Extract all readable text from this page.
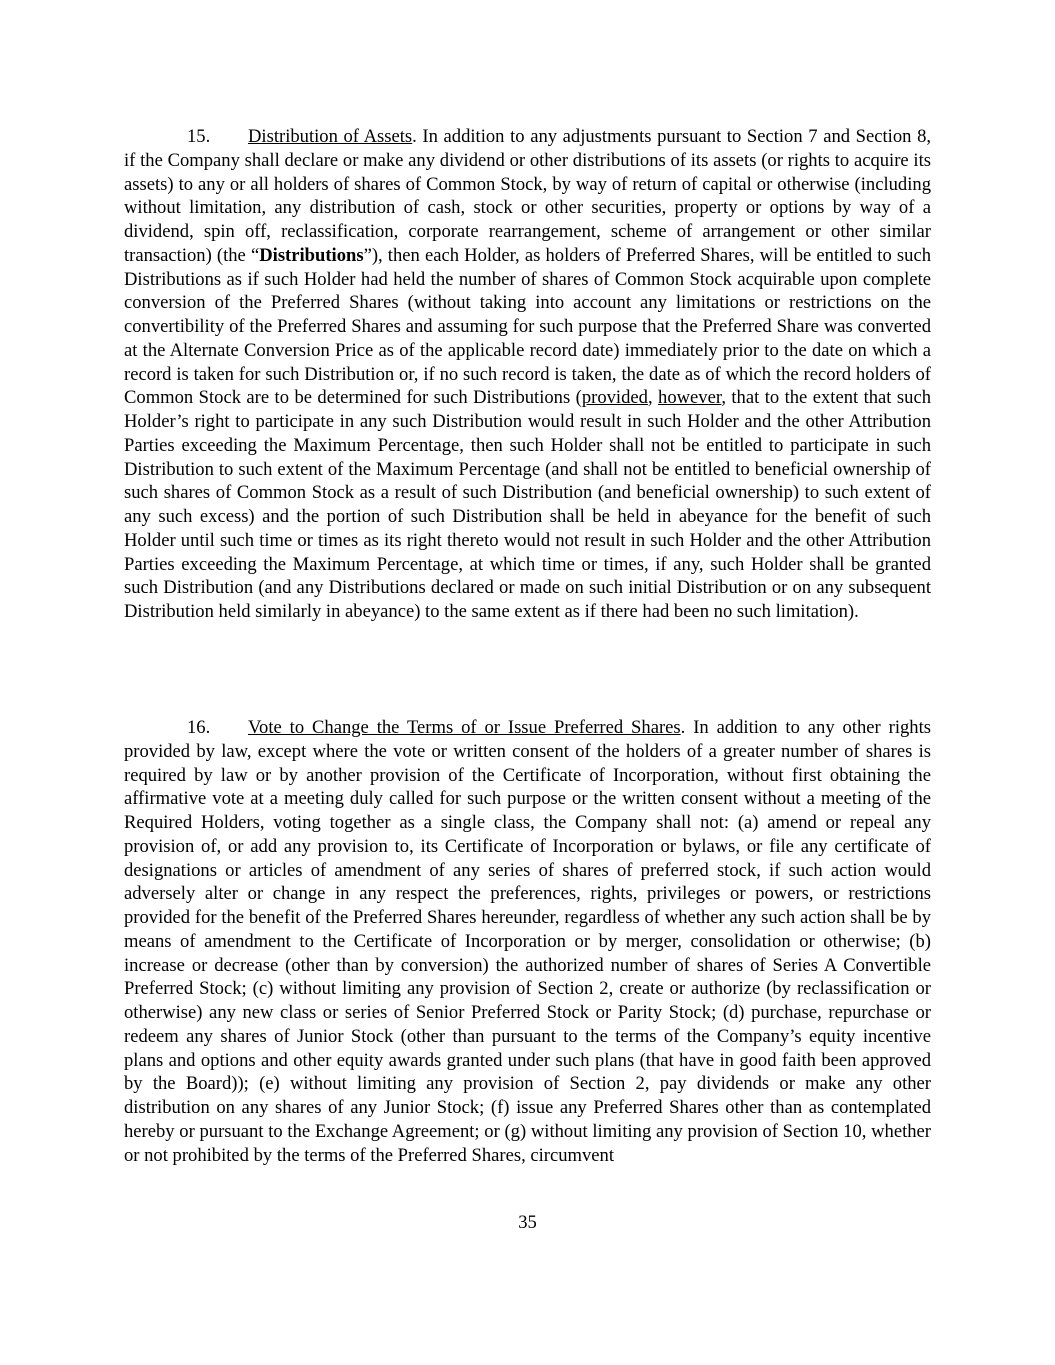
15. Distribution of Assets. In addition to any adjustments pursuant to Section 7 and Section 8, if the Company shall declare or make any dividend or other distributions of its assets (or rights to acquire its assets) to any or all holders of shares of Common Stock, by way of return of capital or otherwise (including without limitation, any distribution of cash, stock or other securities, property or options by way of a dividend, spin off, reclassification, corporate rearrangement, scheme of arrangement or other similar transaction) (the “Distributions”), then each Holder, as holders of Preferred Shares, will be entitled to such Distributions as if such Holder had held the number of shares of Common Stock acquirable upon complete conversion of the Preferred Shares (without taking into account any limitations or restrictions on the convertibility of the Preferred Shares and assuming for such purpose that the Preferred Share was converted at the Alternate Conversion Price as of the applicable record date) immediately prior to the date on which a record is taken for such Distribution or, if no such record is taken, the date as of which the record holders of Common Stock are to be determined for such Distributions (provided, however, that to the extent that such Holder’s right to participate in any such Distribution would result in such Holder and the other Attribution Parties exceeding the Maximum Percentage, then such Holder shall not be entitled to participate in such Distribution to such extent of the Maximum Percentage (and shall not be entitled to beneficial ownership of such shares of Common Stock as a result of such Distribution (and beneficial ownership) to such extent of any such excess) and the portion of such Distribution shall be held in abeyance for the benefit of such Holder until such time or times as its right thereto would not result in such Holder and the other Attribution Parties exceeding the Maximum Percentage, at which time or times, if any, such Holder shall be granted such Distribution (and any Distributions declared or made on such initial Distribution or on any subsequent Distribution held similarly in abeyance) to the same extent as if there had been no such limitation).

16. Vote to Change the Terms of or Issue Preferred Shares. In addition to any other rights provided by law, except where the vote or written consent of the holders of a greater number of shares is required by law or by another provision of the Certificate of Incorporation, without first obtaining the affirmative vote at a meeting duly called for such purpose or the written consent without a meeting of the Required Holders, voting together as a single class, the Company shall not: (a) amend or repeal any provision of, or add any provision to, its Certificate of Incorporation or bylaws, or file any certificate of designations or articles of amendment of any series of shares of preferred stock, if such action would adversely alter or change in any respect the preferences, rights, privileges or powers, or restrictions provided for the benefit of the Preferred Shares hereunder, regardless of whether any such action shall be by means of amendment to the Certificate of Incorporation or by merger, consolidation or otherwise; (b) increase or decrease (other than by conversion) the authorized number of shares of Series A Convertible Preferred Stock; (c) without limiting any provision of Section 2, create or authorize (by reclassification or otherwise) any new class or series of Senior Preferred Stock or Parity Stock; (d) purchase, repurchase or redeem any shares of Junior Stock (other than pursuant to the terms of the Company’s equity incentive plans and options and other equity awards granted under such plans (that have in good faith been approved by the Board)); (e) without limiting any provision of Section 2, pay dividends or make any other distribution on any shares of any Junior Stock; (f) issue any Preferred Shares other than as contemplated hereby or pursuant to the Exchange Agreement; or (g) without limiting any provision of Section 10, whether or not prohibited by the terms of the Preferred Shares, circumvent

35
